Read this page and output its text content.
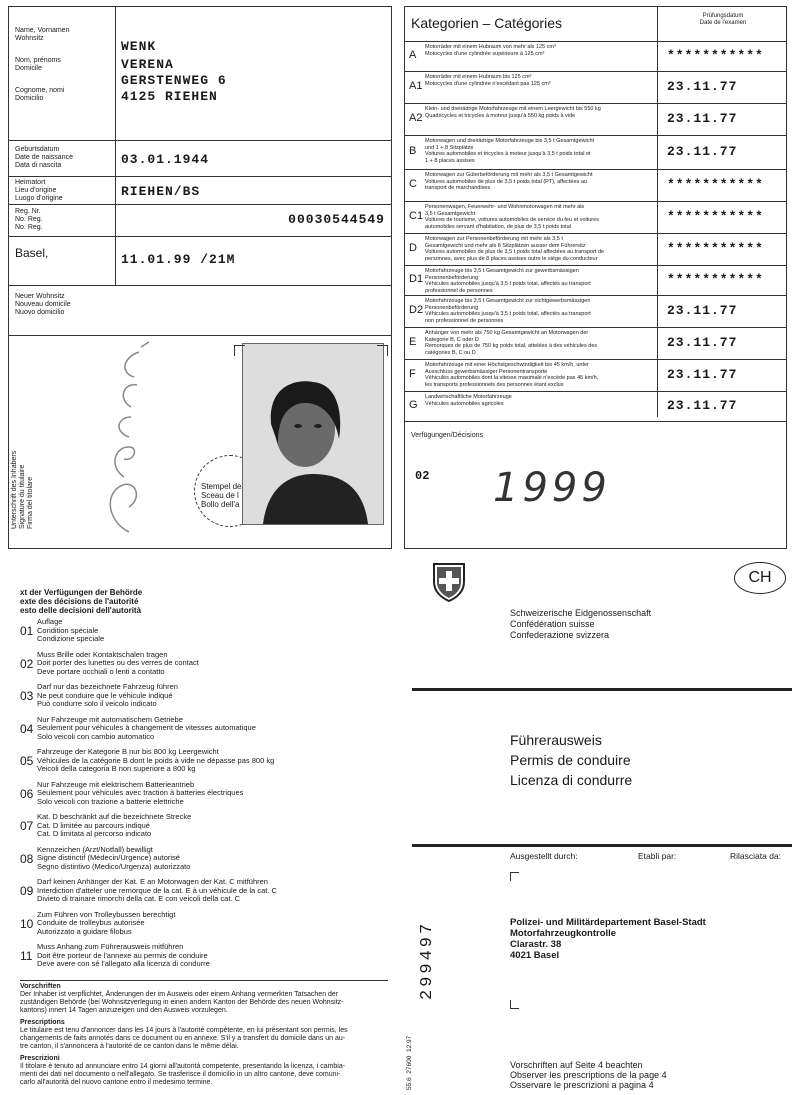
Name, Vornamen
Wohnsitz
Nom, prénoms
Domicile
Cognome, nomi
Domicilio
WENK
VERENA
GERSTENWEG 6
4125 RIEHEN
Geburtsdatum
Date de naissance
Data di nascita	03.01.1944
Heimatort
Lieu d'origine
Luogo d'origine	RIEHEN/BS
Reg. Nr.
No. Reg.
No. Reg.
00030544549
Basel,	11.01.99 /21M
Neuer Wohnsitz
Nouveau domicile
Nuovo domicilio
Unterschrift des Inhabers Signature du titulaire Firma del titolare	Stempel de
Sceau de l
Bollo dell'a
Kategorien – Catégories	Prüfungsdatum
Date de l'examen
A
Motorräder mit einem Hubraum von mehr als 125 cm³
Motocycles d'une cylindrée supérieure à 125 cm³	***********
A1
Motorräder mit einem Hubraum bis 125 cm³
Motocycles d'une cylindrée n'excédant pas 125 cm³	23.11.77
A2
Klein- und dreirädrige Motorfahrzeuge mit einem Leergewicht bis 550 kg
Quadricycles et tricycles à moteur jusqu'à 550 kg poids à vide	23.11.77
B
Motorwagen und dreirädrige Motorfahrzeuge bis 3,5 t Gesamtgewicht
und 1 + 8 Sitzplätze
Voitures automobiles et tricycles à moteur jusqu'à 3,5 t poids total et
1 + 8 places assises
23.11.77
C
Motorwagen zur Güterbeförderung mit mehr als 3,5 t Gesamtgewicht
Voitures automobiles de plus de 3,5 t poids total (PT), affectées au
transport de marchandises	***********
C1
Personenwagen, Feuerwehr- und Wohnmotorwagen mit mehr als
3,5 t Gesamtgewicht
Voitures de tourisme, voitures automobiles de service du feu et voitures
automobiles servant d'habitation, de plus de 3,5 t poids total
***********
D
Motorwagen zur Personenbeförderung mit mehr als 3,5 t
Gesamtgewicht und mehr als 8 Sitzplätzen ausser dem Führersitz
Voitures automobiles de plus de 3,5 t poids total affectées au transport de
personnes, avec plus de 8 places assises outre le siège du conducteur
***********
D1
Motorfahrzeuge bis 3,5 t Gesamtgewicht zur gewerbsmässigen
Personenbeförderung
Véhicules automobiles jusqu'à 3,5 t poids total, affectés au transport
professionnel de personnes
***********
D2
Motorfahrzeuge bis 3,5 t Gesamtgewicht zur nichtgewerbsmässigen
Personenbeförderung
Véhicules automobiles jusqu'à 3,5 t poids total, affectés au transport
non professionnel de personnes
23.11.77
E
Anhänger von mehr als 750 kg Gesamtgewicht an Motorwagen der
Kategorie B, C oder D
Remorques de plus de 750 kg poids total, attelées à des véhicules des
catégories B, C ou D
23.11.77
F
Motorfahrzeuge mit einer Höchstgeschwindigkeit bis 45 km/h, unter
Ausschluss gewerbsmässiger Personentransporte
Véhicules automobiles dont la vitesse maximale n'excède pas 45 km/h,
les transports professionnels des personnes étant exclus
23.11.77
G
Landwirtschaftliche Motorfahrzeuge
Véhicules automobiles agricoles	23.11.77
Verfügungen/Décisions
02 1999
xt der Verfügungen der Behörde
exte des décisions de l'autorité
esto delle decisioni dell'autorità
01
Auflage
Condition spéciale
Condizione speciale
02
Muss Brille oder Kontaktschalen tragen
Doit porter des lunettes ou des verres de contact
Deve portare occhiali o lenti a contatto
03
Darf nur das bezeichnete Fahrzeug führen
Ne peut conduire que le véhicule indiqué
Può condurre solo il veicolo indicato
04
Nur Fahrzeuge mit automatischem Getriebe
Seulement pour véhicules à changement de vitesses automatique
Solo veicoli con cambio automatico
05
Fahrzeuge der Kategorie B nur bis 800 kg Leergewicht
Véhicules de la catégorie B dont le poids à vide ne dépasse pas 800 kg
Veicoli della categoria B non superiore a 800 kg
06
Nur Fahrzeuge mit elektrischem Batterieantrieb
Seulement pour véhicules avec traction à batteries électriques
Solo veicoli con trazione a batterie elettriche
07
Kat. D beschränkt auf die bezeichnete Strecke
Cat. D limitée au parcours indiqué
Cat. D limitata al percorso indicato
08
Kennzeichen (Arzt/Notfall) bewilligt
Signe distinctif (Médecin/Urgence) autorisé
Segno distintivo (Medico/Urgenza) autorizzato
09
Darf keinen Anhänger der Kat. E an Motorwagen der Kat. C mitführen
Interdiction d'atteler une remorque de la cat. E à un véhicule de la cat. C
Divieto di trainare rimorchi della cat. E con veicoli della cat. C
10
Zum Führen von Trolleybussen berechtigt
Conduite de trolleybus autorisée
Autorizzato a guidare filobus
11
Muss Anhang zum Führerausweis mitführen
Doit être porteur de l'annexe au permis de conduire
Deve avere con sé l'allegato alla licenza di condurre
Vorschriften
Der Inhaber ist verpflichtet, Änderungen der im Ausweis oder einem Anhang vermerkten Tatsachen der
zuständigen Behörde (bei Wohnsitzverlegung in einen andern Kanton der Behörde des neuen Wohnsitz-
kantons) innert 14 Tagen anzuzeigen und den Ausweis vorzulegen.
Prescriptions
Le titulaire est tenu d'annoncer dans les 14 jours à l'autorité compétente, en lui présentant son permis, les
changements de faits annotés dans ce document ou en annexe. S'il y a transfert du domicile dans un au-
tre canton, il s'annoncera à l'autorité de ce canton dans le même délai.
Prescrizioni
Il titolare è tenuto ad annunciare entro 14 giorni all'autorità competente, presentando la licenza, i cambia-
menti dei dati nel documento o nell'allegato. Se trasferisce il domicilio in un altro cantone, deve comuni-
carlo all'autorità del nuovo cantone entro il medesimo termine.
CH
Schweizerische Eidgenossenschaft
Confédération suisse
Confederazione svizzera
Führerausweis
Permis de conduire
Licenza di condurre
Ausgestellt durch:	Etabli par:	Rilasciata da:
Polizei- und Militärdepartement Basel-Stadt
Motorfahrzeugkontrolle
Clarastr. 38
4021 Basel
299497
55.6  27600  12.97	Vorschriften auf Seite 4 beachten
Observer les prescriptions de la page 4
Osservare le prescrizioni a pagina 4
